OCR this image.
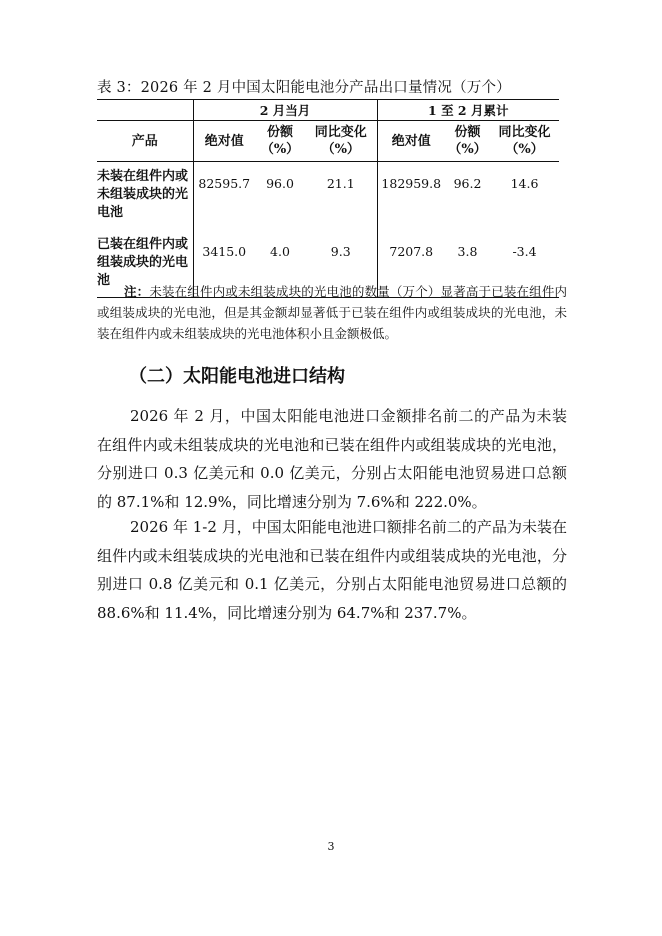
表 3：2026 年 2 月中国太阳能电池分产品出口量情况（万个）
	2 月当月			1 至 2 月累计		
产品	绝对值	份额（%）	同比变化（%）	绝对值	份额（%）	同比变化（%）
未装在组件内或未组装成块的光电池	82595.7	96.0	21.1	182959.8	96.2	14.6
已装在组件内或组装成块的光电池	3415.0	4.0	9.3	7207.8	3.8	-3.4
注：未装在组件内或未组装成块的光电池的数量（万个）显著高于已装在组件内或组装成块的光电池，但是其金额却显著低于已装在组件内或组装成块的光电池，未装在组件内或未组装成块的光电池体积小且金额极低。
（二）太阳能电池进口结构
2026 年 2 月，中国太阳能电池进口金额排名前二的产品为未装在组件内或未组装成块的光电池和已装在组件内或组装成块的光电池，分别进口 0.3 亿美元和 0.0 亿美元，分别占太阳能电池贸易进口总额的 87.1%和 12.9%，同比增速分别为 7.6%和 222.0%。
2026 年 1-2 月，中国太阳能电池进口额排名前二的产品为未装在组件内或未组装成块的光电池和已装在组件内或组装成块的光电池，分别进口 0.8 亿美元和 0.1 亿美元，分别占太阳能电池贸易进口总额的 88.6%和 11.4%，同比增速分别为 64.7%和 237.7%。
3
